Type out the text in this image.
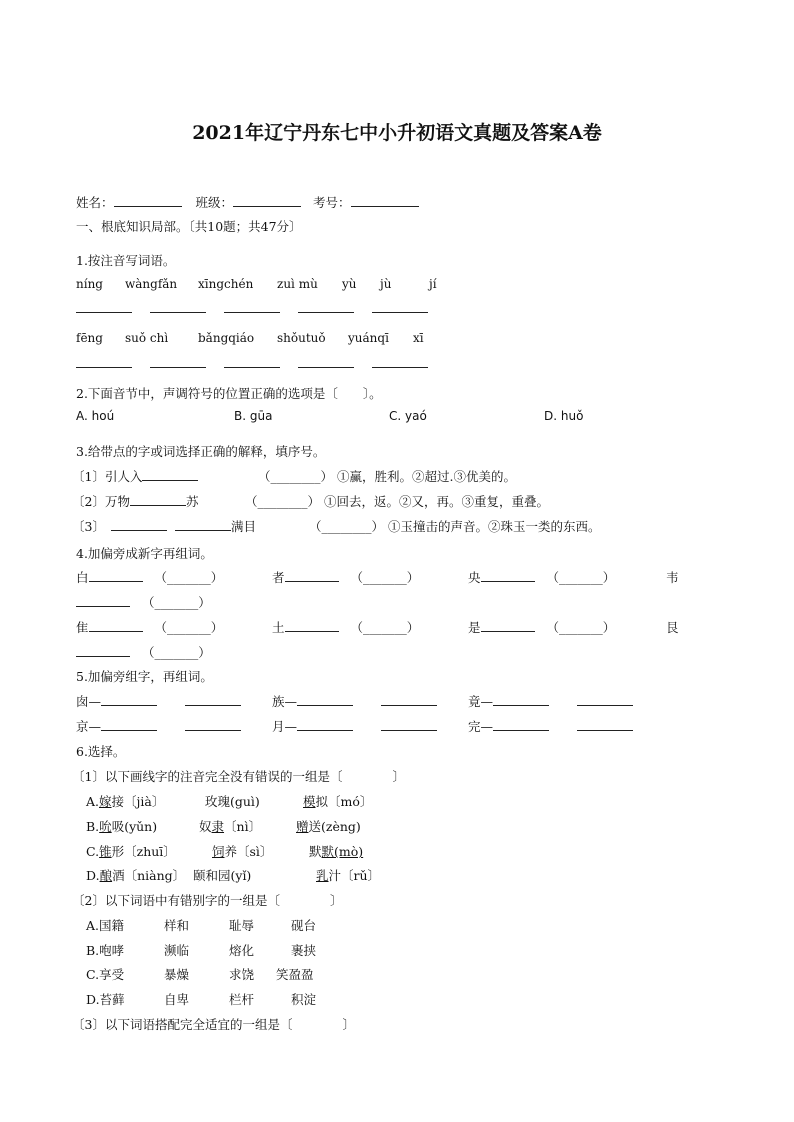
2021年辽宁丹东七中小升初语文真题及答案A卷
姓名：	班级：	考号：
一、根底知识局部。〔共10题；共47分〕
1.按注音写词语。
níng wàngfǎn xīngchén zuì mù yù jù	jí

fēng suǒ chì bǎngqiáo shǒutuǒ yuánqī xī

2.下面音节中，声调符号的位置正确的选项是〔　　〕。
A. hoú	B. gūa	C. yaó	D. huǒ
3.给带点的字或词选择正确的解释，填序号。
〔1〕引人入	（________） ①赢，胜利。②超过.③优美的。
〔2〕万物	苏	（________） ①回去，返。②又，再。③重复，重叠。
〔3〕	满目	（________） ①玉撞击的声音。②珠玉一类的东西。
4.加偏旁成新字再组词。
白	（_______）	者	（_______）	央	（_______）	韦
（_______）
隹	（_______）	土	（_______）	是	（_______）	艮
（_______）
5.加偏旁组字，再组词。
囱—	族—	竟—
京—	月—	完—
6.选择。
〔1〕以下画线字的注音完全没有错误的一组是〔　　　　〕
A.嫁接〔jià〕	玫瑰(guì)	模拟〔mó〕
B.吮吸(yǔn)	奴隶〔nì〕	赠送(zèng)
C.锥形〔zhuī〕	饲养〔sì〕	默默(mò)
D.酿酒〔niàng〕 颐和园(yǐ)	乳汁〔rǔ〕
〔2〕以下词语中有错别字的一组是〔　　　　〕
A.国籍	样和	耻辱	砚台
B.咆哮	濒临	熔化	裹挟
C.享受	暴燥	求饶 笑盈盈
D.苔藓	自卑	栏杆	积淀
〔3〕以下词语搭配完全适宜的一组是〔　　　　〕
